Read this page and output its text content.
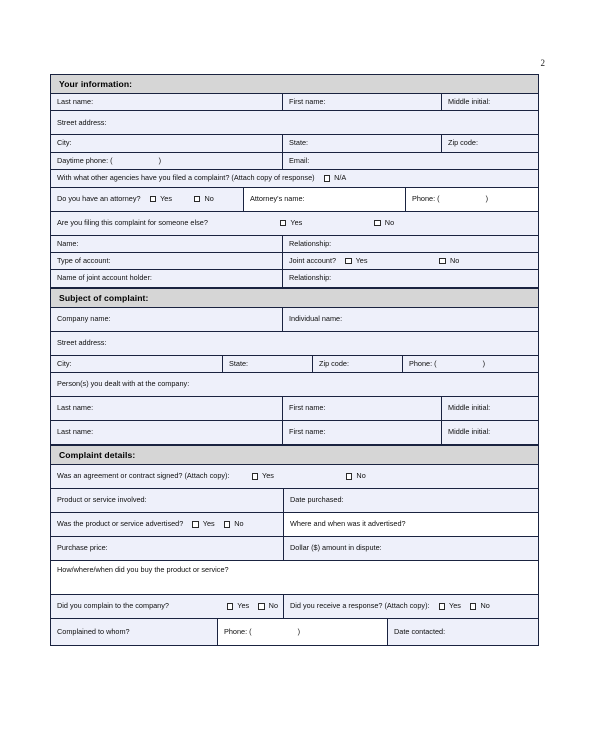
2
Your information:
Last name:	First name:	Middle initial:
Street address:
City:	State:	Zip code:
Daytime phone: (	)	Email:
With what other agencies have you filed a complaint? (Attach copy of response)	N/A
Do you have an attorney?	Yes	No	Attorney's name:	Phone: (	)
Are you filing this complaint for someone else?	Yes	No
Name:	Relationship:
Type of account:	Joint account?	Yes	No
Name of joint account holder:	Relationship:
Subject of complaint:
Company name:	Individual name:
Street address:
City:	State:	Zip code:	Phone: (	)
Person(s) you dealt with at the company:
Last name:	First name:	Middle initial:
Last name:	First name:	Middle initial:
Complaint details:
Was an agreement or contract signed? (Attach copy):	Yes	No
Product or service involved:	Date purchased:
Was the product or service advertised?	Yes	No	Where and when was it advertised?
Purchase price:	Dollar ($) amount in dispute:
How/where/when did you buy the product or service?
Did you complain to the company?	Yes	No Did you receive a response? (Attach copy):	Yes	No
Complained to whom?	Phone: (	)	Date contacted:
